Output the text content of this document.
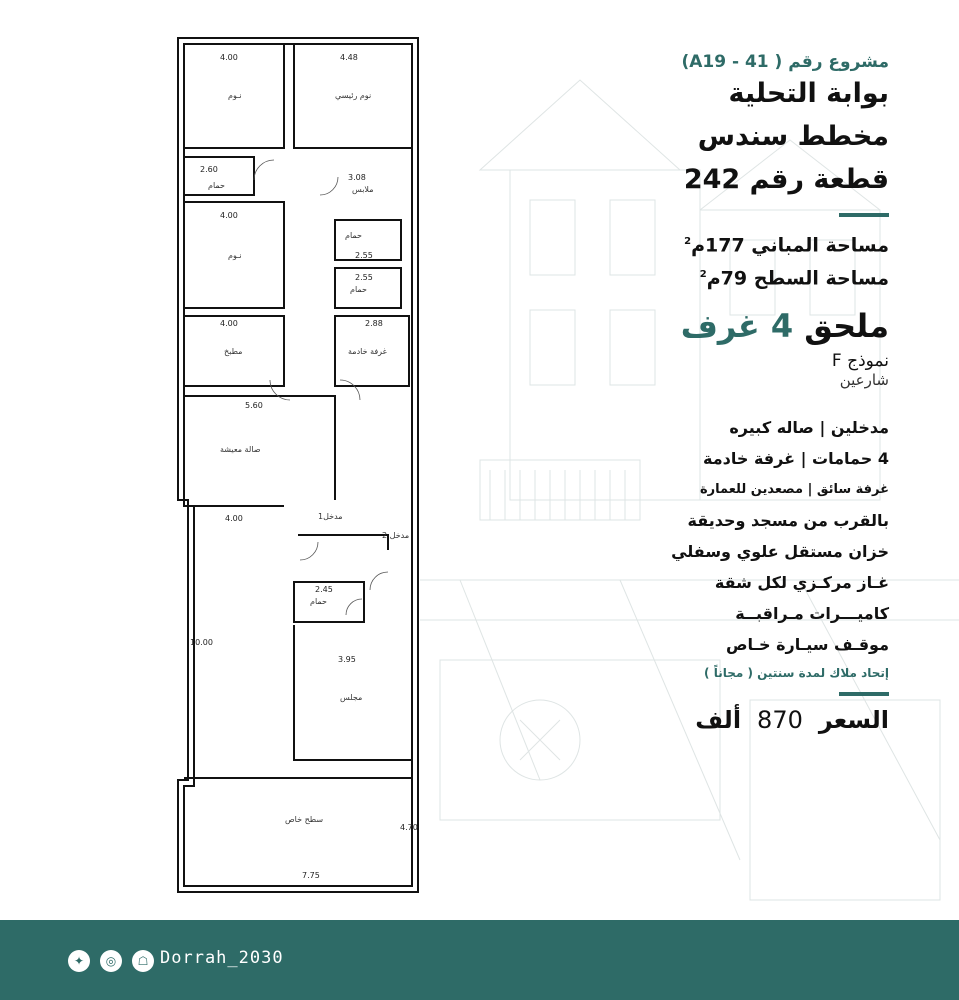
4.00
نـوم
4.48
نوم رئيسي
2.60
حمام
3.08
ملابس
4.00
نـوم
حمام
2.55
2.55
حمام
4.00
مطبخ
2.88
غرفة خادمة
5.60
صالة معيشة
مدخل1
مدخل 2
4.00
2.45
حمام
3.95
مجلس
10.00
سطح خاص
7.75
4.70
مشروع رقم ( A19 - 41)
بوابة التحلية
مخطط سندس
قطعة رقم 242
مساحة المباني 177م$^2$
مساحة السطح 79م$^2$
ملحق 4 غرف
نموذج F
شارعين
مدخلين | صاله كبيره
4 حمامات | غرفة خادمة
غرفة سائق | مصعدين للعمارة
بالقرب من مسجد وحديقة
خزان مستقل علوي وسفلي
غـاز مركـزي لكل شقة
كاميـــرات مـراقبــة
موقـف سيـارة خـاص
إتحاد ملاك لمدة سنتين ( مجاناً )
السعر870ألف
✦	◎	☖ Dorrah_2030
